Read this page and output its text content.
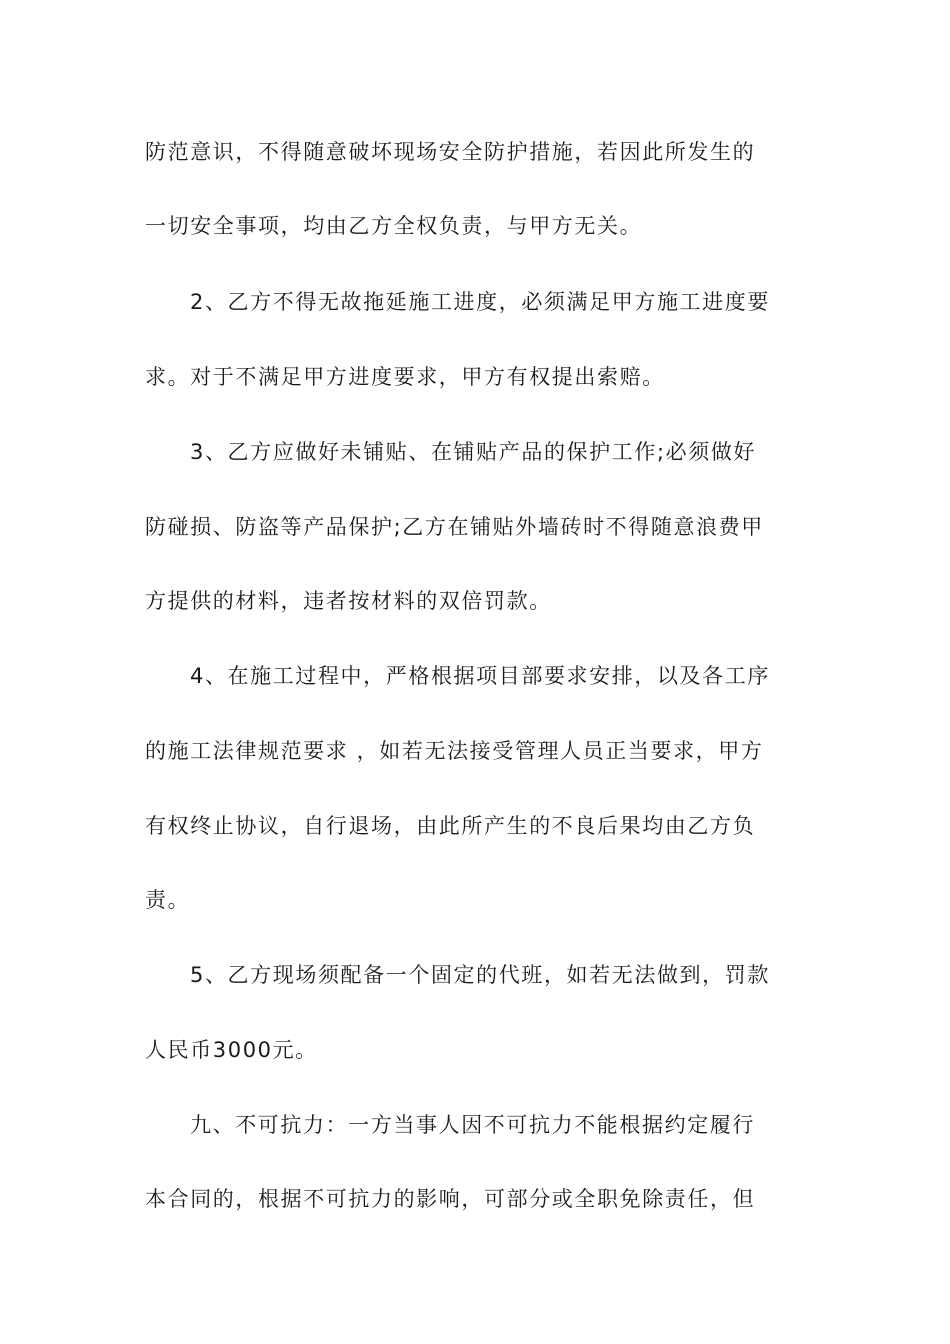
防范意识，不得随意破坏现场安全防护措施，若因此所发生的
一切安全事项，均由乙方全权负责，与甲方无关。
2、乙方不得无故拖延施工进度，必须满足甲方施工进度要
求。对于不满足甲方进度要求，甲方有权提出索赔。
3、乙方应做好未铺贴、在铺贴产品的保护工作;必须做好
防碰损、防盗等产品保护;乙方在铺贴外墙砖时不得随意浪费甲
方提供的材料，违者按材料的双倍罚款。
4、在施工过程中，严格根据项目部要求安排，以及各工序
的施工法律规范要求 ，如若无法接受管理人员正当要求，甲方
有权终止协议，自行退场，由此所产生的不良后果均由乙方负
责。
5、乙方现场须配备一个固定的代班，如若无法做到，罚款
人民币3000元。
九、不可抗力：一方当事人因不可抗力不能根据约定履行
本合同的，根据不可抗力的影响，可部分或全职免除责任，但
